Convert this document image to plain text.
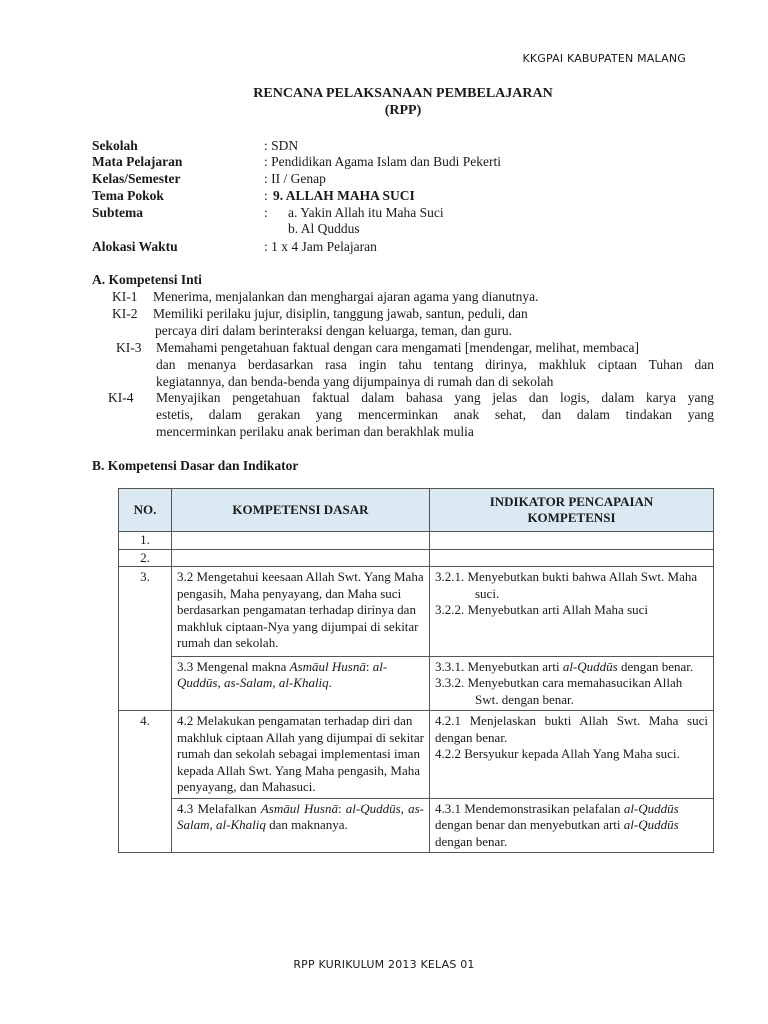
KKGPAI KABUPATEN MALANG
RPP KURIKULUM 2013 KELAS 01
RENCANA PELAKSANAAN PEMBELAJARAN
(RPP)
Sekolah	: SDN
Mata Pelajaran	: Pendidikan Agama Islam dan Budi Pekerti
Kelas/Semester	: II / Genap
Tema Pokok	: 9. ALLAH MAHA SUCI
Subtema	: a. Yakin Allah itu Maha Suci
b. Al Quddus
Alokasi Waktu	: 1 x 4 Jam Pelajaran
A. Kompetensi Inti
KI-1 Menerima, menjalankan dan menghargai ajaran agama yang dianutnya.
KI-2 Memiliki perilaku jujur, disiplin, tanggung jawab, santun, peduli, dan
percaya diri dalam berinteraksi dengan keluarga, teman, dan guru.
KI-3 Memahami pengetahuan faktual dengan cara mengamati [mendengar, melihat, membaca]
dan menanya berdasarkan rasa ingin tahu tentang dirinya, makhluk ciptaan Tuhan dan
kegiatannya, dan benda-benda yang dijumpainya di rumah dan di sekolah
KI-4 Menyajikan pengetahuan faktual dalam bahasa yang jelas dan logis, dalam karya yang
estetis, dalam gerakan yang mencerminkan anak sehat, dan dalam tindakan yang
mencerminkan perilaku anak beriman dan berakhlak mulia
B. Kompetensi Dasar dan Indikator
NO.	KOMPETENSI DASAR	INDIKATOR PENCAPAIAN
KOMPETENSI
1.		
2.		
3.	3.2 Mengetahui keesaan Allah Swt. Yang Maha pengasih, Maha penyayang, dan Maha suci berdasarkan pengamatan terhadap dirinya dan makhluk ciptaan-Nya yang dijumpai di sekitar rumah dan sekolah.	3.2.1. Menyebutkan bukti bahwa Allah Swt. Maha suci.
3.2.2. Menyebutkan arti Allah Maha suci

	3.3 Mengenal makna Asmāul Husnā: al-Quddūs, as-Salam, al-Khaliq.	3.3.1. Menyebutkan arti al-Quddūs dengan benar.
3.3.2. Menyebutkan cara memahasucikan Allah Swt. dengan benar.

4.	4.2 Melakukan pengamatan terhadap diri dan makhluk ciptaan Allah yang dijumpai di sekitar rumah dan sekolah sebagai implementasi iman kepada Allah Swt. Yang Maha pengasih, Maha penyayang, dan Mahasuci.	4.2.1 Menjelaskan bukti Allah Swt. Maha suci dengan benar.
4.2.2 Bersyukur kepada Allah Yang Maha suci.

	4.3 Melafalkan Asmāul Husnā: al-Quddūs, as-Salam, al-Khaliq dan maknanya.	4.3.1 Mendemonstrasikan pelafalan al-Quddūs dengan benar dan menyebutkan arti al-Quddūs dengan benar.
